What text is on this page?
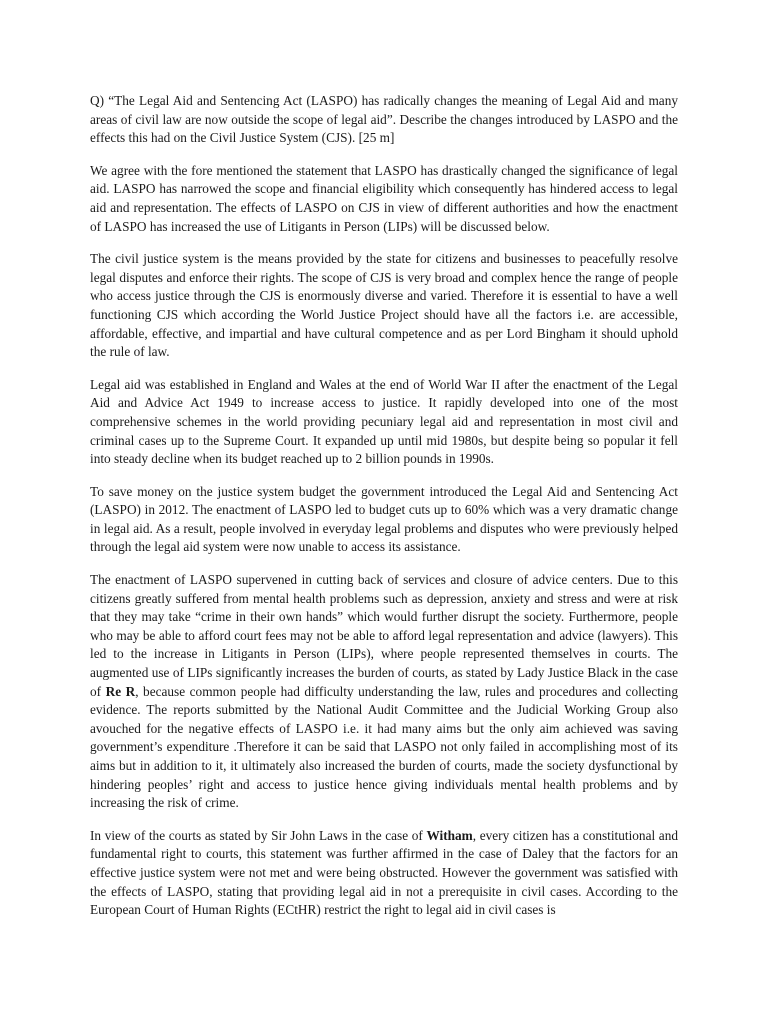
Q) “The Legal Aid and Sentencing Act (LASPO) has radically changes the meaning of Legal Aid and many areas of civil law are now outside the scope of legal aid”. Describe the changes introduced by LASPO and the effects this had on the Civil Justice System (CJS). [25 m]

We agree with the fore mentioned the statement that LASPO has drastically changed the significance of legal aid. LASPO has narrowed the scope and financial eligibility which consequently has hindered access to legal aid and representation. The effects of LASPO on CJS in view of different authorities and how the enactment of LASPO has increased the use of Litigants in Person (LIPs) will be discussed below.

The civil justice system is the means provided by the state for citizens and businesses to peacefully resolve legal disputes and enforce their rights. The scope of CJS is very broad and complex hence the range of people who access justice through the CJS is enormously diverse and varied. Therefore it is essential to have a well functioning CJS which according the World Justice Project should have all the factors i.e. are accessible, affordable, effective, and impartial and have cultural competence and as per Lord Bingham it should uphold the rule of law.

Legal aid was established in England and Wales at the end of World War II after the enactment of the Legal Aid and Advice Act 1949 to increase access to justice. It rapidly developed into one of the most comprehensive schemes in the world providing pecuniary legal aid and representation in most civil and criminal cases up to the Supreme Court. It expanded up until mid 1980s, but despite being so popular it fell into steady decline when its budget reached up to 2 billion pounds in 1990s.

To save money on the justice system budget the government introduced the Legal Aid and Sentencing Act (LASPO) in 2012. The enactment of LASPO led to budget cuts up to 60% which was a very dramatic change in legal aid. As a result, people involved in everyday legal problems and disputes who were previously helped through the legal aid system were now unable to access its assistance.

The enactment of LASPO supervened in cutting back of services and closure of advice centers. Due to this citizens greatly suffered from mental health problems such as depression, anxiety and stress and were at risk that they may take “crime in their own hands” which would further disrupt the society. Furthermore, people who may be able to afford court fees may not be able to afford legal representation and advice (lawyers). This led to the increase in Litigants in Person (LIPs), where people represented themselves in courts. The augmented use of LIPs significantly increases the burden of courts, as stated by Lady Justice Black in the case of Re R, because common people had difficulty understanding the law, rules and procedures and collecting evidence. The reports submitted by the National Audit Committee and the Judicial Working Group also avouched for the negative effects of LASPO i.e. it had many aims but the only aim achieved was saving government’s expenditure .Therefore it can be said that LASPO not only failed in accomplishing most of its aims but in addition to it, it ultimately also increased the burden of courts, made the society dysfunctional by hindering peoples’ right and access to justice hence giving individuals mental health problems and by increasing the risk of crime.

In view of the courts as stated by Sir John Laws in the case of Witham, every citizen has a constitutional and fundamental right to courts, this statement was further affirmed in the case of Daley that the factors for an effective justice system were not met and were being obstructed. However the government was satisfied with the effects of LASPO, stating that providing legal aid in not a prerequisite in civil cases. According to the European Court of Human Rights (ECtHR) restrict the right to legal aid in civil cases is
